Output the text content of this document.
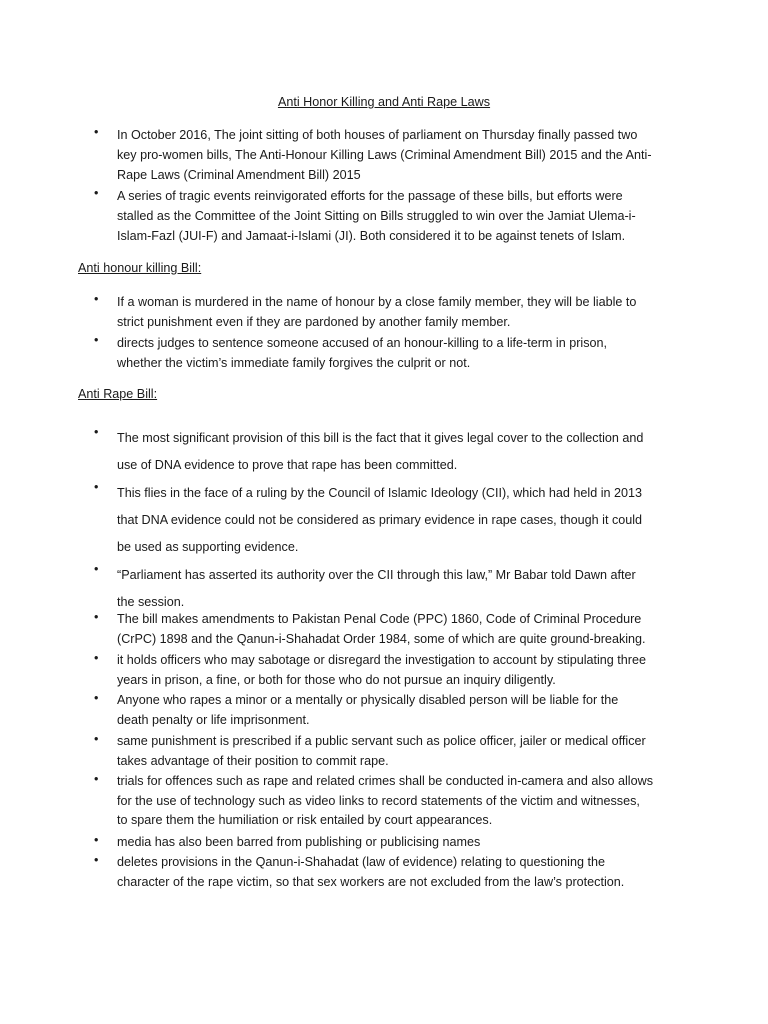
Anti Honor Killing and Anti Rape Laws
• In October 2016, The joint sitting of both houses of parliament on Thursday finally passed two
key pro-women bills, The Anti-Honour Killing Laws (Criminal Amendment Bill) 2015 and the Anti-
Rape Laws (Criminal Amendment Bill) 2015
• A series of tragic events reinvigorated efforts for the passage of these bills, but efforts were
stalled as the Committee of the Joint Sitting on Bills struggled to win over the Jamiat Ulema-i-
Islam-Fazl (JUI-F) and Jamaat-i-Islami (JI). Both considered it to be against tenets of Islam.
Anti honour killing Bill:
• If a woman is murdered in the name of honour by a close family member, they will be liable to
strict punishment even if they are pardoned by another family member.
• directs judges to sentence someone accused of an honour-killing to a life-term in prison,
whether the victim’s immediate family forgives the culprit or not.
Anti Rape Bill:
• The most significant provision of this bill is the fact that it gives legal cover to the collection and
use of DNA evidence to prove that rape has been committed.
• This flies in the face of a ruling by the Council of Islamic Ideology (CII), which had held in 2013
that DNA evidence could not be considered as primary evidence in rape cases, though it could
be used as supporting evidence.
• “Parliament has asserted its authority over the CII through this law,” Mr Babar told Dawn after
the session.
• The bill makes amendments to Pakistan Penal Code (PPC) 1860, Code of Criminal Procedure
(CrPC) 1898 and the Qanun-i-Shahadat Order 1984, some of which are quite ground-breaking.
• it holds officers who may sabotage or disregard the investigation to account by stipulating three
years in prison, a fine, or both for those who do not pursue an inquiry diligently.
• Anyone who rapes a minor or a mentally or physically disabled person will be liable for the
death penalty or life imprisonment.
• same punishment is prescribed if a public servant such as police officer, jailer or medical officer
takes advantage of their position to commit rape.
• trials for offences such as rape and related crimes shall be conducted in-camera and also allows
for the use of technology such as video links to record statements of the victim and witnesses,
to spare them the humiliation or risk entailed by court appearances.
• media has also been barred from publishing or publicising names
• deletes provisions in the Qanun-i-Shahadat (law of evidence) relating to questioning the
character of the rape victim, so that sex workers are not excluded from the law’s protection.
